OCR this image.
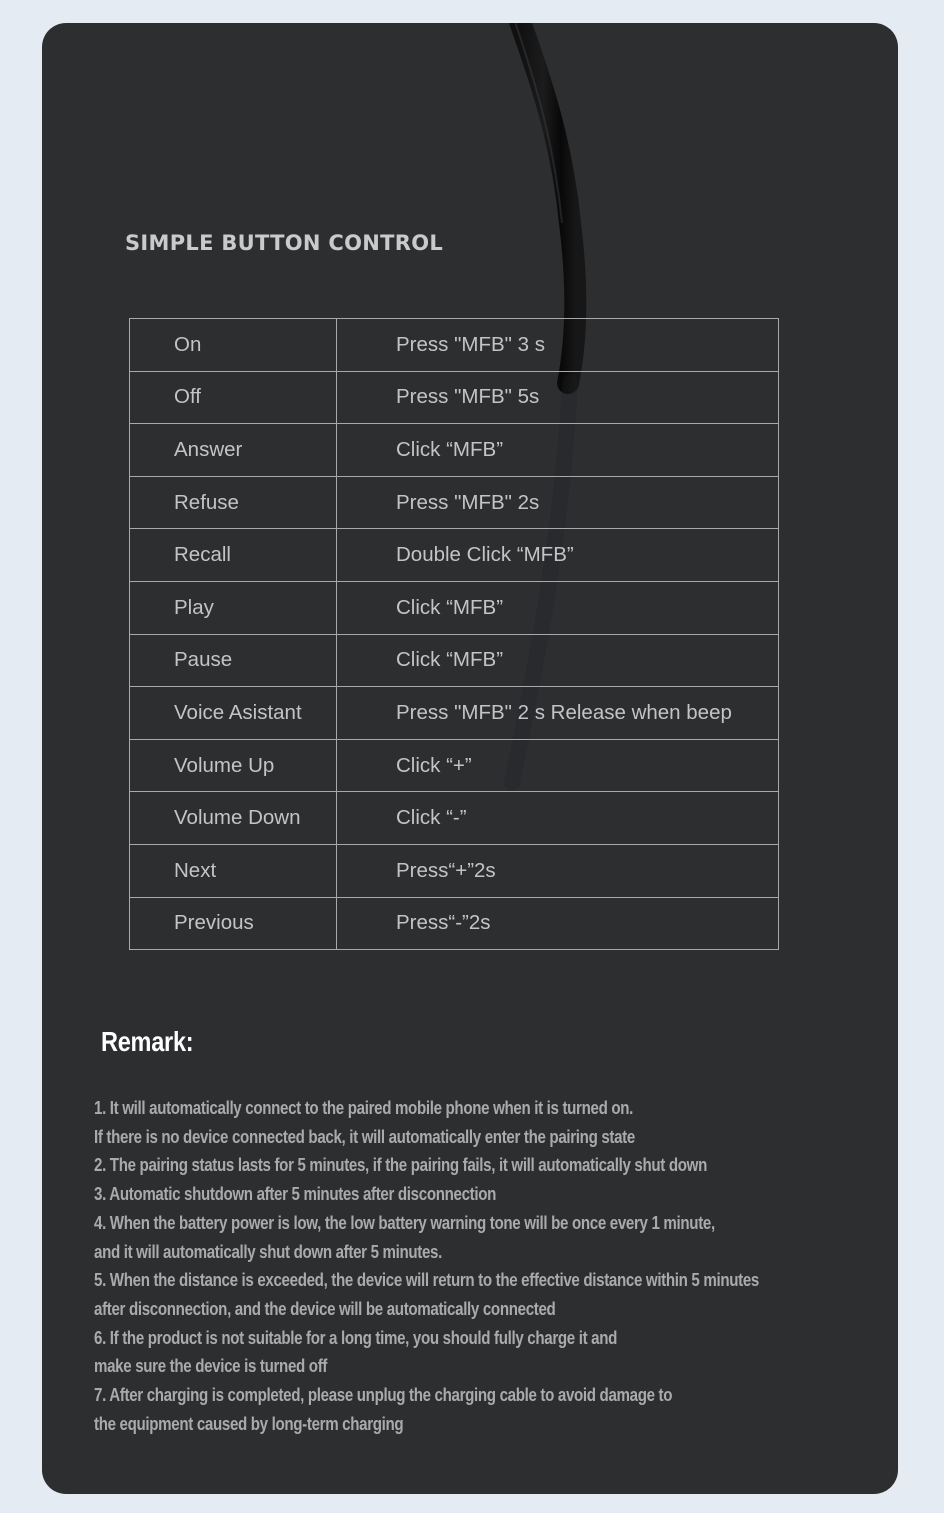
SIMPLE BUTTON CONTROL
On	Press "MFB" 3 s
Off	Press "MFB" 5s
Answer	Click “MFB”
Refuse	Press "MFB" 2s
Recall	Double Click “MFB”
Play	Click “MFB”
Pause	Click “MFB”
Voice Asistant	Press "MFB" 2 s Release when beep
Volume Up	Click “+”
Volume Down	Click “-”
Next	Press“+”2s
Previous	Press“-”2s
Remark:
1. It will automatically connect to the paired mobile phone when it is turned on.
If there is no device connected back, it will automatically enter the pairing state
2. The pairing status lasts for 5 minutes, if the pairing fails, it will automatically shut down
3. Automatic shutdown after 5 minutes after disconnection
4. When the battery power is low, the low battery warning tone will be once every 1 minute,
and it will automatically shut down after 5 minutes.
5. When the distance is exceeded, the device will return to the effective distance within 5 minutes
after disconnection, and the device will be automatically connected
6. If the product is not suitable for a long time, you should fully charge it and
make sure the device is turned off
7. After charging is completed, please unplug the charging cable to avoid damage to
the equipment caused by long-term charging
